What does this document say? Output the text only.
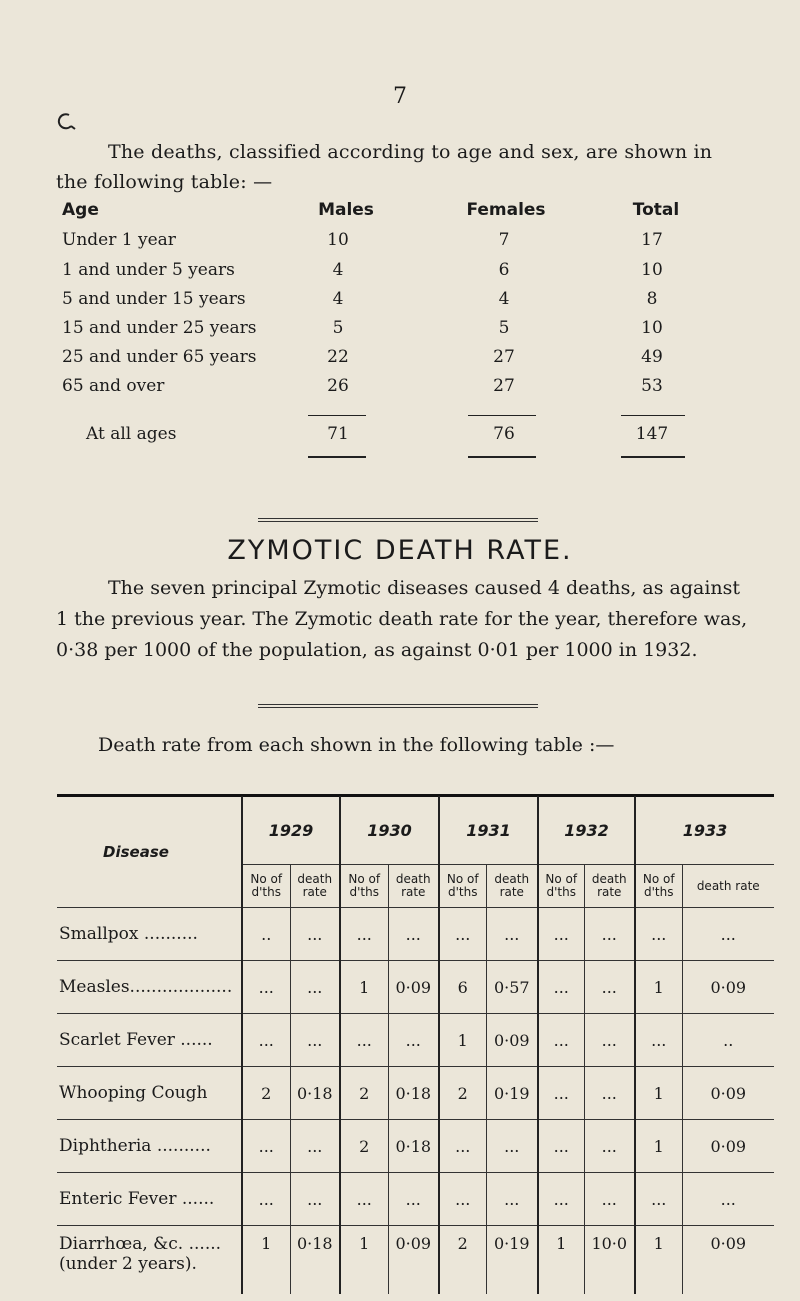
7
The deaths, classified according to age and sex, are shown in the following table: —
Age	Males	Females	Total
Under 1 year	10	7	17
1 and under 5 years	4	6	10
5 and under 15 years	4	4	8
15 and under 25 years	5	5	10
25 and under 65 years	22	27	49
65 and over	26	27	53
At all ages	71	76	147
ZYMOTIC DEATH RATE.
The seven principal Zymotic diseases caused 4 deaths, as against 1 the previous year. The Zymotic death rate for the year, therefore was, 0·38 per 1000 of the population, as against 0·01 per 1000 in 1932.
Death rate from each shown in the following table :—
Disease	1929		1930		1931		1932		1933	
	No of d'ths	death rate	No of d'ths	death rate	No of d'ths	death rate	No of d'ths	death rate	No of d'ths	death rate

Smallpox ..........	..	...	...	...	...	...	...	...	...	...

Measles...................	...	...	1	0·09	6	0·57	...	...	1	0·09

Scarlet Fever ......	...	...	...	...	1	0·09	...	...	...	..

Whooping Cough	2	0·18	2	0·18	2	0·19	...	...	1	0·09

Diphtheria ..........	...	...	2	0·18	...	...	...	...	1	0·09

Enteric Fever ......	...	...	...	...	...	...	...	...	...	...

Diarrhœa, &c. ......
(under 2 years).	1	0·18	1	0·09	2	0·19	1	10·0	1	0·09
